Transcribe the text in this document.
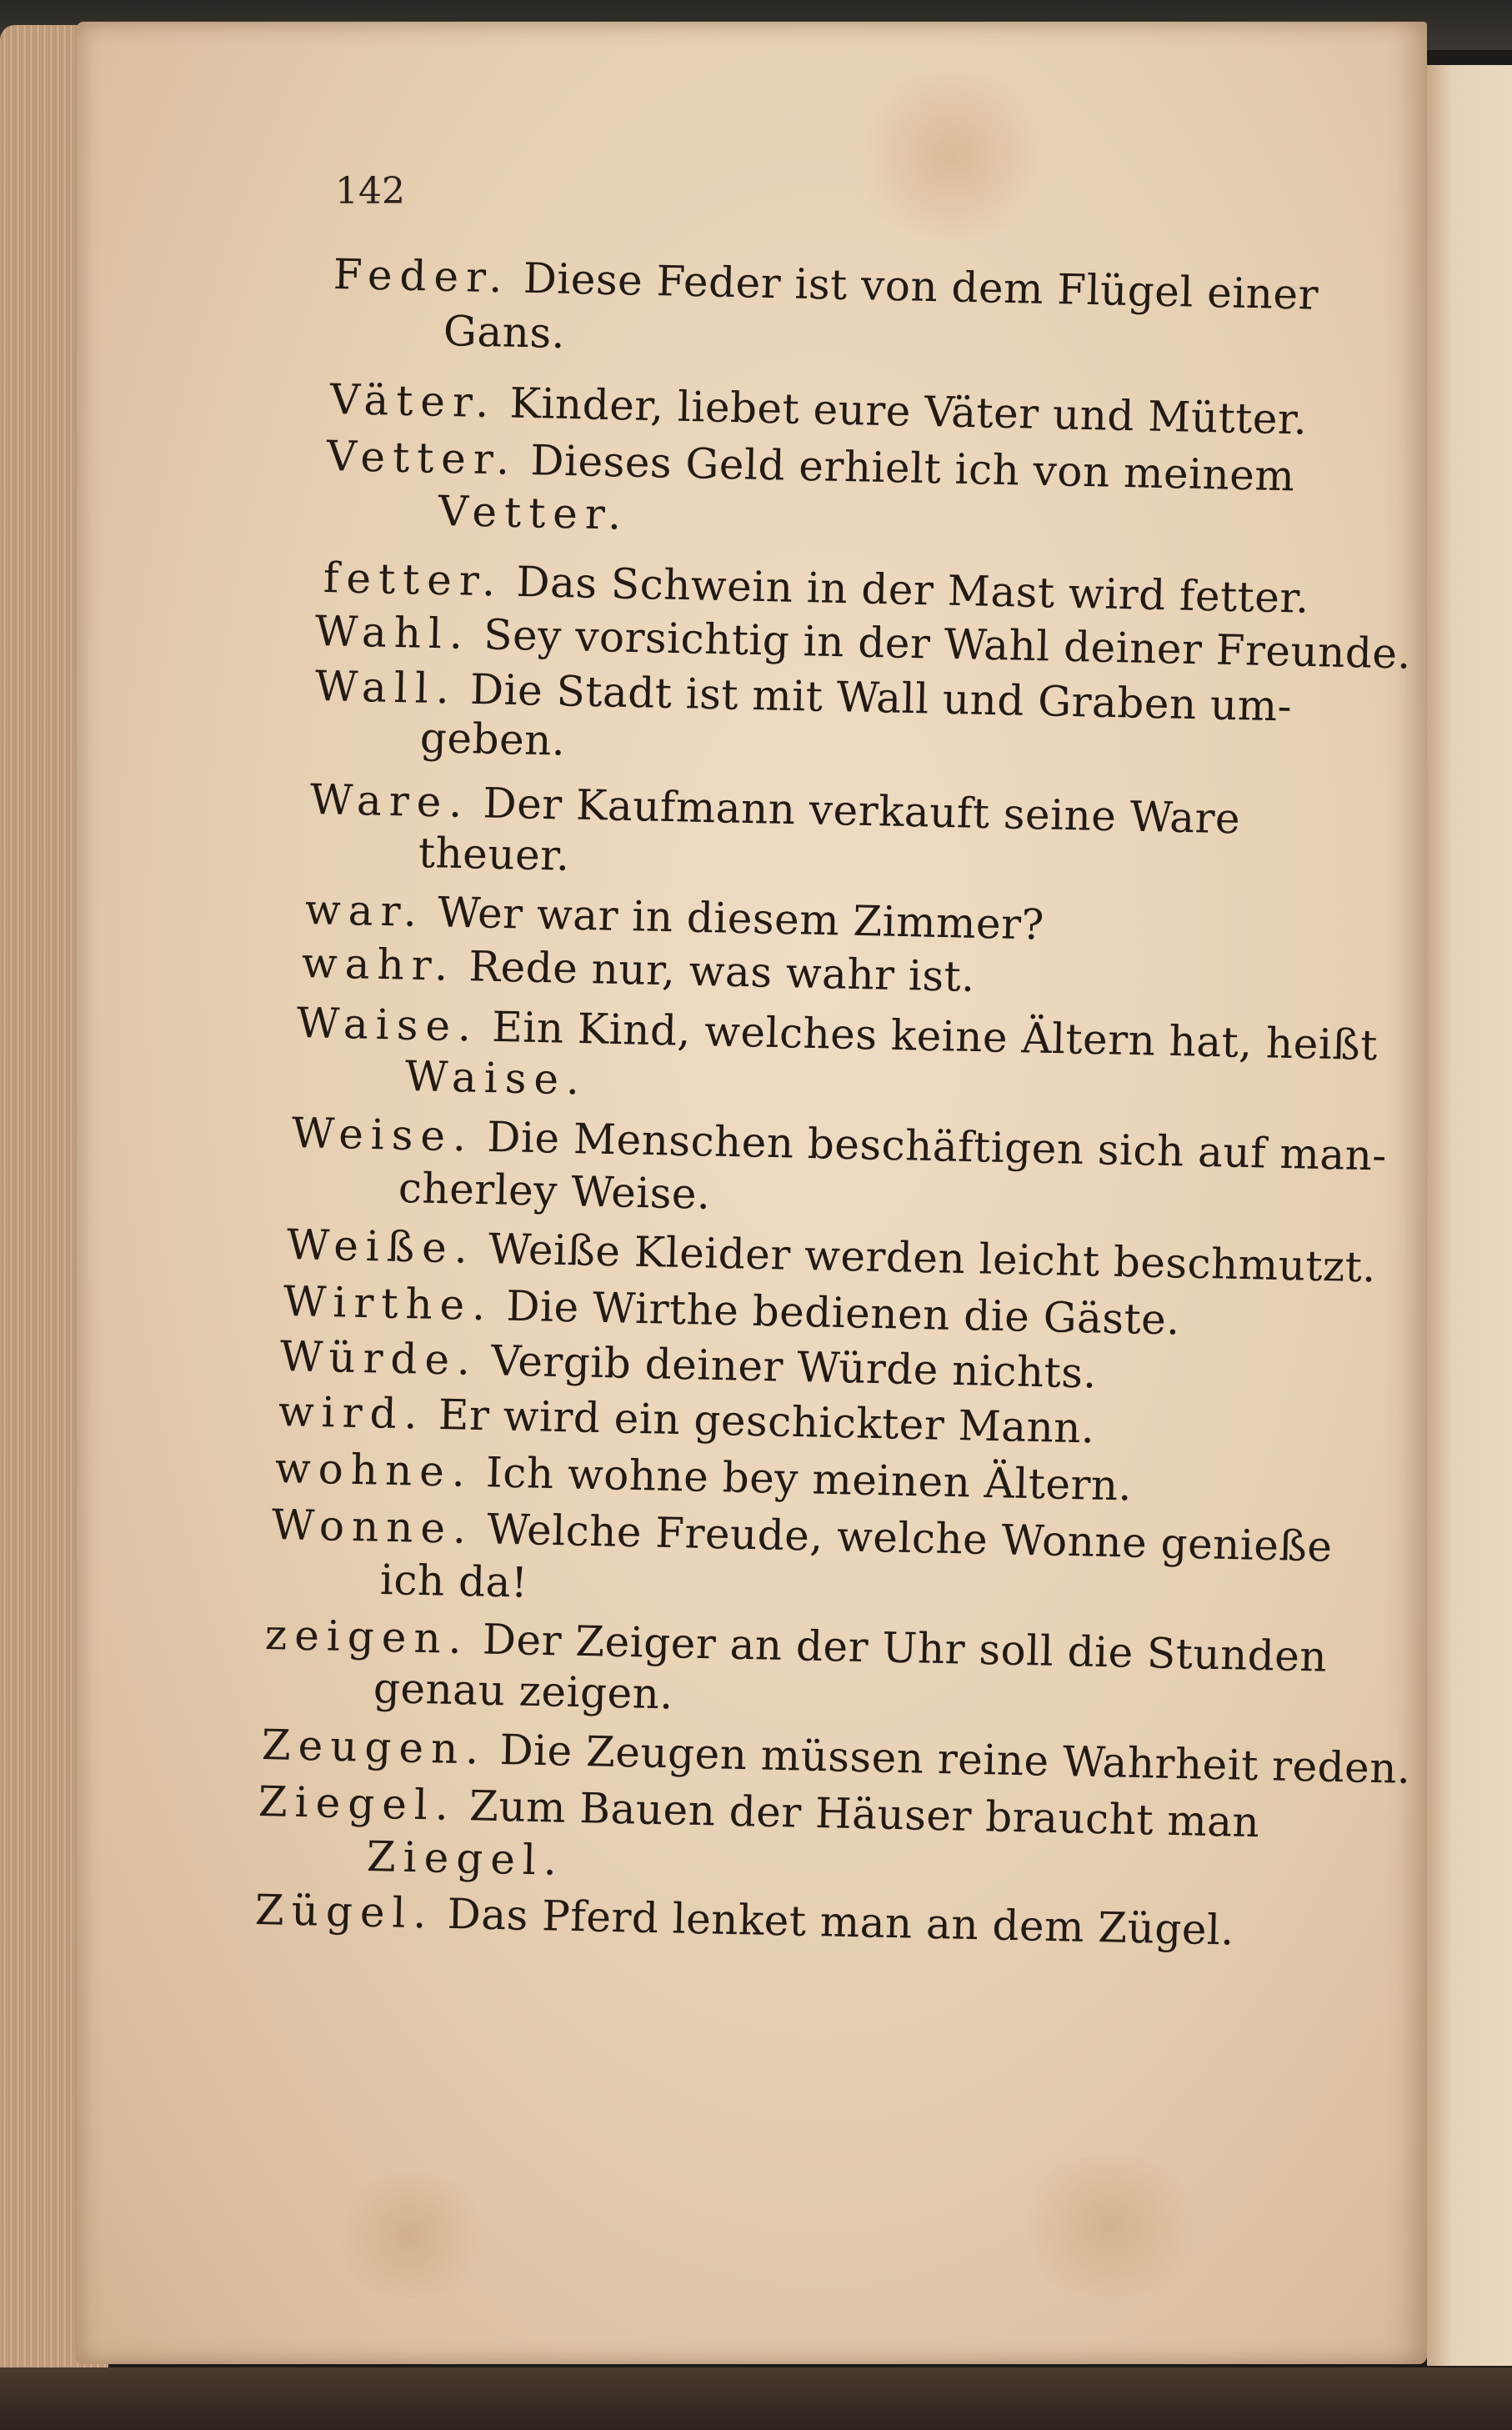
142
Feder. Diese Feder ist von dem Flügel einer
Gans.
Väter. Kinder, liebet eure Väter und Mütter.
Vetter. Dieses Geld erhielt ich von meinem
Vetter.
fetter. Das Schwein in der Mast wird fetter.
Wahl. Sey vorsichtig in der Wahl deiner Freunde.
Wall. Die Stadt ist mit Wall und Graben um-
geben.
Ware. Der Kaufmann verkauft seine Ware
theuer.
war. Wer war in diesem Zimmer?
wahr. Rede nur, was wahr ist.
Waise. Ein Kind, welches keine Ältern hat, heißt
Waise.
Weise. Die Menschen beschäftigen sich auf man-
cherley Weise.
Weiße. Weiße Kleider werden leicht beschmutzt.
Wirthe. Die Wirthe bedienen die Gäste.
Würde. Vergib deiner Würde nichts.
wird. Er wird ein geschickter Mann.
wohne. Ich wohne bey meinen Ältern.
Wonne. Welche Freude, welche Wonne genieße
ich da!
zeigen. Der Zeiger an der Uhr soll die Stunden
genau zeigen.
Zeugen. Die Zeugen müssen reine Wahrheit reden.
Ziegel. Zum Bauen der Häuser braucht man
Ziegel.
Zügel. Das Pferd lenket man an dem Zügel.
